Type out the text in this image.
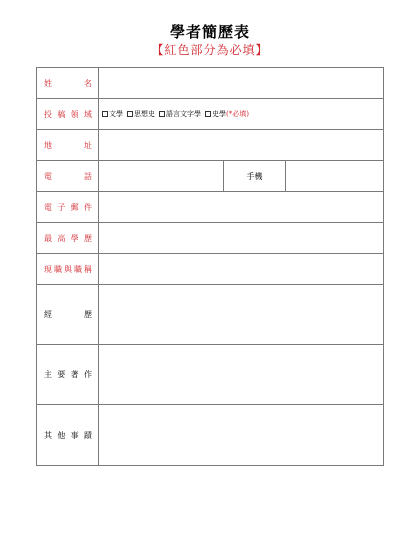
學者簡歷表
【紅色部分為必填】
姓 名			

投 稿 領 域	文學 思想史 語言文字學 史學 (*必填)		

地 址			

電 話		手機	

電 子 郵 件			

最 高 學 歷			

現 職 與 職 稱			

經 歷			

主 要 著 作			

其 他 事 蹟			
